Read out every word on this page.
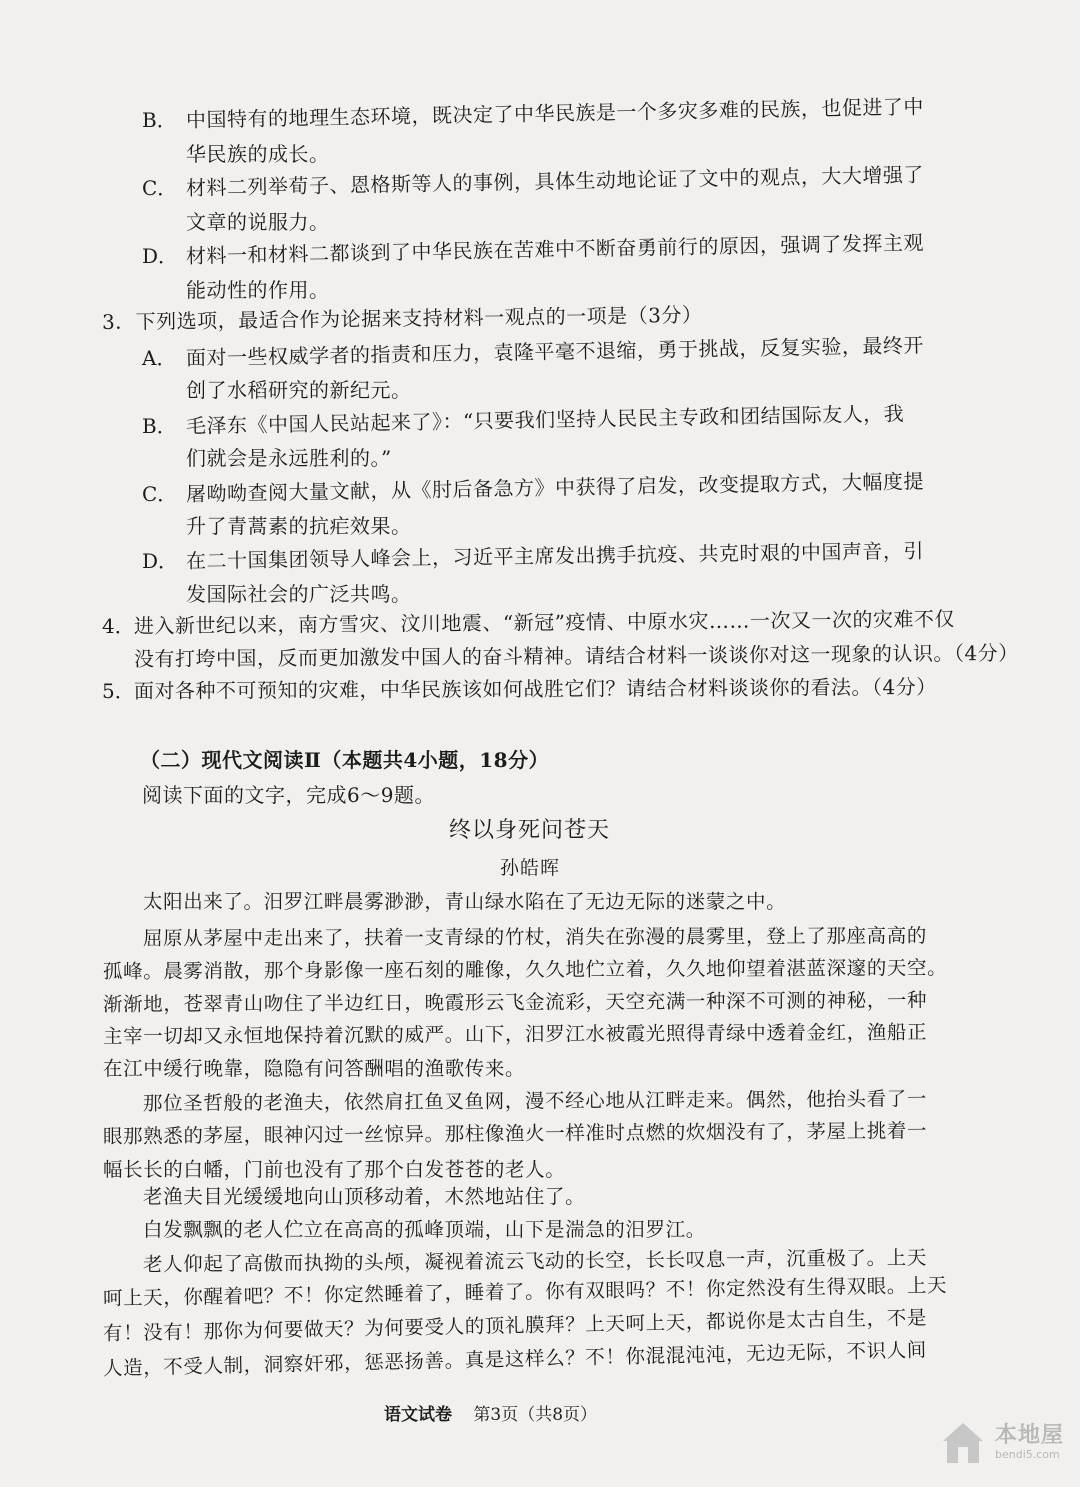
B． 中国特有的地理生态环境，既决定了中华民族是一个多灾多难的民族，也促进了中
华民族的成长。
C． 材料二列举荀子、恩格斯等人的事例，具体生动地论证了文中的观点，大大增强了
文章的说服力。
D． 材料一和材料二都谈到了中华民族在苦难中不断奋勇前行的原因，强调了发挥主观
能动性的作用。
3．下列选项，最适合作为论据来支持材料一观点的一项是（3分）
A． 面对一些权威学者的指责和压力，袁隆平毫不退缩，勇于挑战，反复实验，最终开
创了水稻研究的新纪元。
B． 毛泽东《中国人民站起来了》：“只要我们坚持人民民主专政和团结国际友人，我
们就会是永远胜利的。”
C． 屠呦呦查阅大量文献，从《肘后备急方》中获得了启发，改变提取方式，大幅度提
升了青蒿素的抗疟效果。
D． 在二十国集团领导人峰会上，习近平主席发出携手抗疫、共克时艰的中国声音，引
发国际社会的广泛共鸣。
4． 进入新世纪以来，南方雪灾、汶川地震、“新冠”疫情、中原水灾……一次又一次的灾难不仅
没有打垮中国，反而更加激发中国人的奋斗精神。请结合材料一谈谈你对这一现象的认识。（4分）
5． 面对各种不可预知的灾难，中华民族该如何战胜它们？请结合材料谈谈你的看法。（4分）
（二）现代文阅读Ⅱ（本题共4小题，18分）
阅读下面的文字，完成6～9题。
终以身死问苍天
孙皓晖
太阳出来了。汨罗江畔晨雾渺渺，青山绿水陷在了无边无际的迷蒙之中。
屈原从茅屋中走出来了，扶着一支青绿的竹杖，消失在弥漫的晨雾里，登上了那座高高的
孤峰。晨雾消散，那个身影像一座石刻的雕像，久久地伫立着，久久地仰望着湛蓝深邃的天空。
渐渐地，苍翠青山吻住了半边红日，晚霞形云飞金流彩，天空充满一种深不可测的神秘，一种
主宰一切却又永恒地保持着沉默的威严。山下，汨罗江水被霞光照得青绿中透着金红，渔船正
在江中缓行晚靠，隐隐有问答酬唱的渔歌传来。
那位圣哲般的老渔夫，依然肩扛鱼叉鱼网，漫不经心地从江畔走来。偶然，他抬头看了一
眼那熟悉的茅屋，眼神闪过一丝惊异。那柱像渔火一样准时点燃的炊烟没有了，茅屋上挑着一
幅长长的白幡，门前也没有了那个白发苍苍的老人。
老渔夫目光缓缓地向山顶移动着，木然地站住了。
白发飘飘的老人伫立在高高的孤峰顶端，山下是湍急的汨罗江。
老人仰起了高傲而执拗的头颅，凝视着流云飞动的长空，长长叹息一声，沉重极了。上天
呵上天，你醒着吧？不！你定然睡着了，睡着了。你有双眼吗？不！你定然没有生得双眼。上天
有！没有！那你为何要做天？为何要受人的顶礼膜拜？上天呵上天，都说你是太古自生，不是
人造，不受人制，洞察奸邪，惩恶扬善。真是这样么？不！你混混沌沌，无边无际，不识人间
语文试卷 第3页（共8页）
本地屋
bendi5.com
